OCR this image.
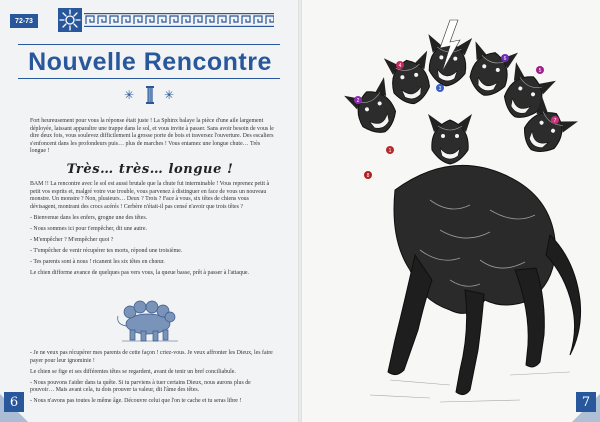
72-73
Nouvelle Rencontre
✳ ✳

Fort heureusement pour vous la réponse était juste ! La Sphinx balaye la pièce d'une aile largement déployée, laissant apparaître une trappe dans le sol, et vous invite à passer. Sans avoir besoin de vous le dire deux fois, vous soulevez difficilement la grosse porte de bois et traversez l'ouverture. Des escaliers s'enfoncent dans les profondeurs puis… plus de marches ! Vous entamez une longue chute… Très longue !

Très… très… longue !

BAM !! La rencontre avec le sol est aussi brutale que la chute fut interminable ! Vous reprenez petit à petit vos esprits et, malgré votre vue trouble, vous parvenez à distinguer en face de vous un nouveau monstre. Un monstre ? Non, plusieurs… Deux ? Trois ? Face à vous, six têtes de chiens vous dévisagent, montrant des crocs acérés ! Cerbère n'était-il pas censé n'avoir que trois têtes ?

- Bienvenue dans les enfers, grogne une des têtes.

- Nous sommes ici pour t'empêcher, dit une autre.

- M'empêcher ? M'empêcher quoi ?

- T'empêcher de venir récupérer tes morts, répond une troisième.

- Tes parents sont à nous ! ricanent les six têtes en chœur.

Le chien difforme avance de quelques pas vers vous, la queue basse, prêt à passer à l'attaque.

- Je ne veux pas récupérer mes parents de cette façon ! criez-vous. Je veux affronter les Dieux, les faire payer pour leur ignominie !

Le chien se fige et ses différentes têtes se regardent, avant de tenir un bref conciliabule.

- Nous pouvons t'aider dans ta quête. Si tu parviens à tuer certains Dieux, nous aurons plus de pouvoir… Mais avant cela, tu dois prouver ta valeur, dit l'âme des têtes.

- Nous n'avons pas toutes le même âge. Découvre celui que l'on te cache et tu seras libre !

6
2
4
1
6
3
5
7
8
7
